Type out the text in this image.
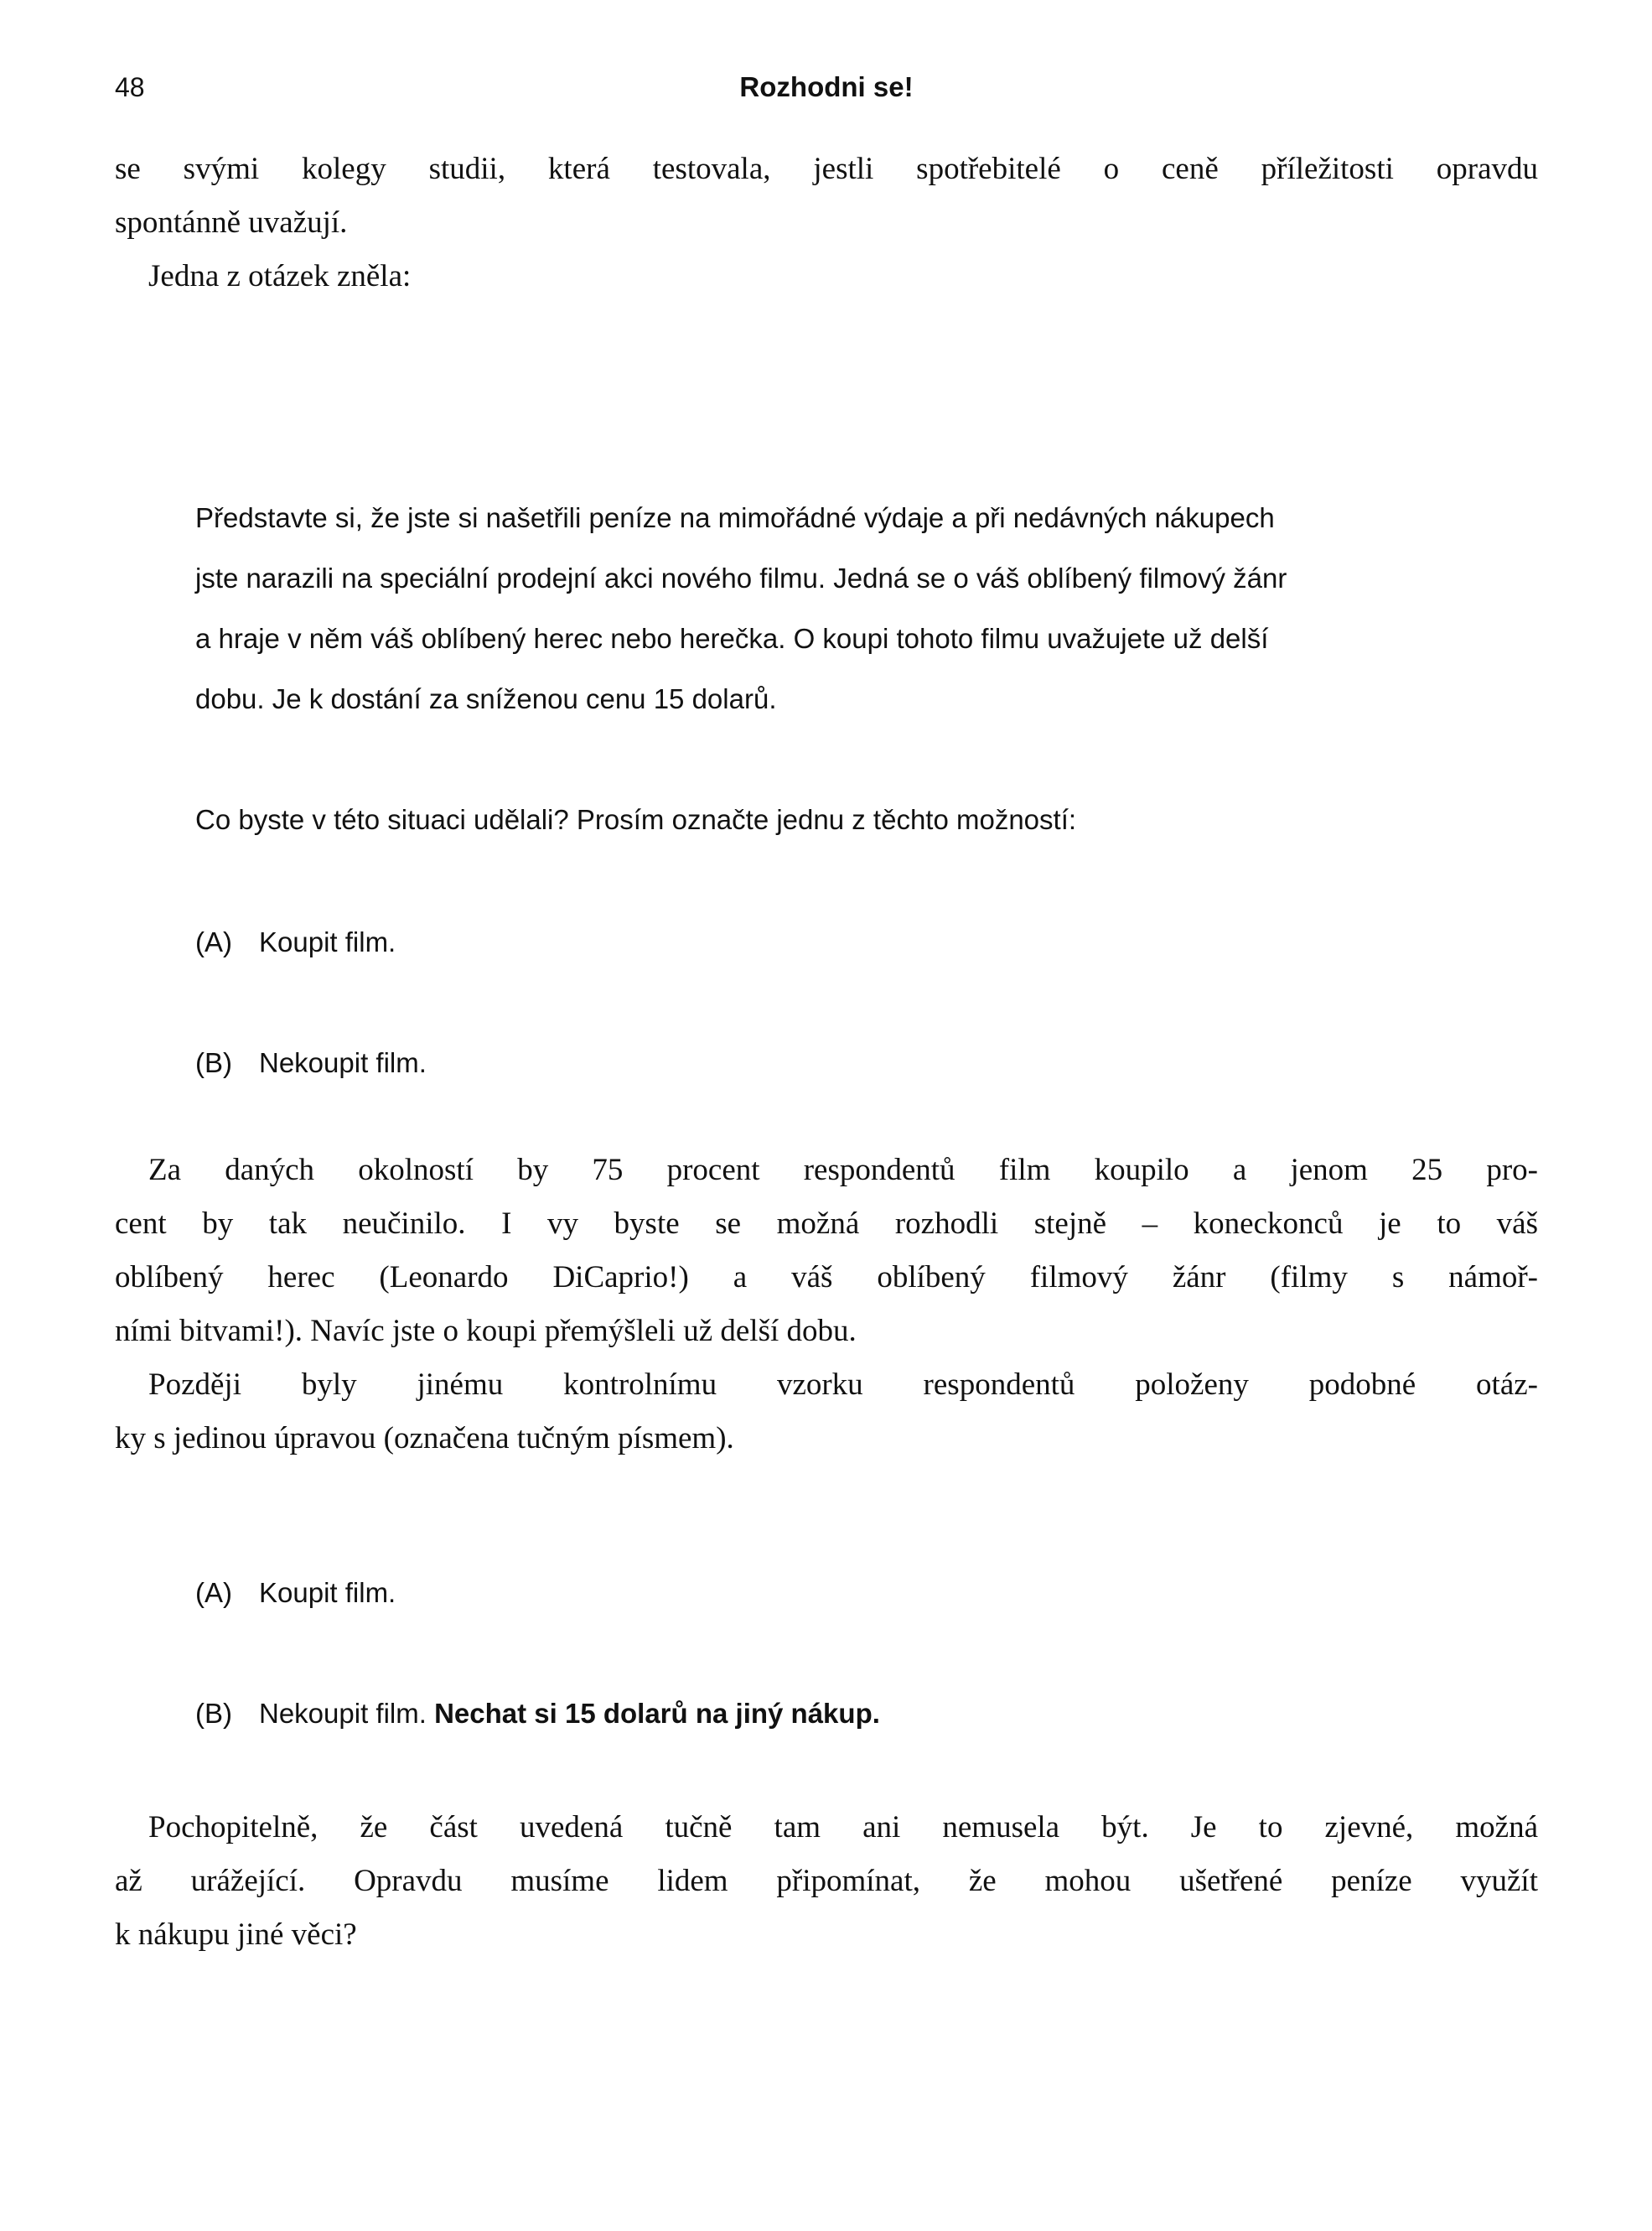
48	Rozhodni se!
se svými kolegy studii, která testovala, jestli spotřebitelé o ceně příležitosti opravdu
spontánně uvažují.
Jedna z otázek zněla:
Představte si, že jste si našetřili peníze na mimořádné výdaje a při nedávných nákupech
jste narazili na speciální prodejní akci nového filmu. Jedná se o váš oblíbený filmový žánr
a hraje v něm váš oblíbený herec nebo herečka. O koupi tohoto filmu uvažujete už delší
dobu. Je k dostání za sníženou cenu 15 dolarů.
Co byste v této situaci udělali? Prosím označte jednu z těchto možností:
(A) Koupit film.
(B) Nekoupit film.
Za daných okolností by 75 procent respondentů film koupilo a jenom 25 pro-
cent by tak neučinilo. I vy byste se možná rozhodli stejně – koneckonců je to váš
oblíbený herec (Leonardo DiCaprio!) a váš oblíbený filmový žánr (filmy s námoř-
ními bitvami!). Navíc jste o koupi přemýšleli už delší dobu.
Později byly jinému kontrolnímu vzorku respondentů položeny podobné otáz-
ky s jedinou úpravou (označena tučným písmem).
(A) Koupit film.
(B) Nekoupit film. Nechat si 15 dolarů na jiný nákup.
Pochopitelně, že část uvedená tučně tam ani nemusela být. Je to zjevné, možná
až urážející. Opravdu musíme lidem připomínat, že mohou ušetřené peníze využít
k nákupu jiné věci?
